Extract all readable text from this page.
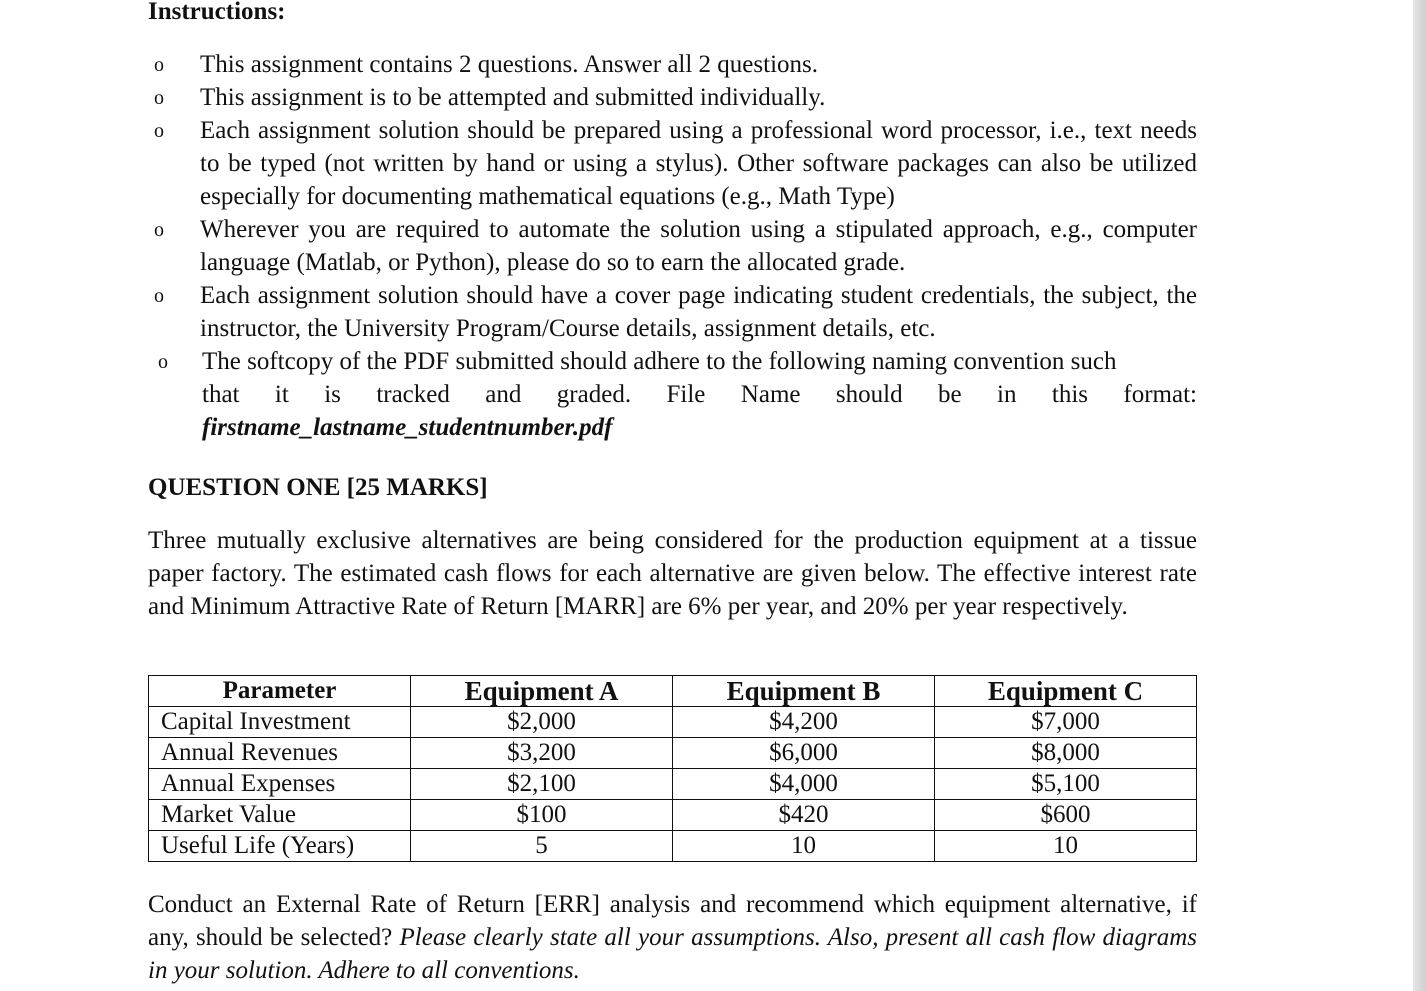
Instructions:
o This assignment contains 2 questions. Answer all 2 questions.
o This assignment is to be attempted and submitted individually.
o Each assignment solution should be prepared using a professional word processor, i.e., text needs to be typed (not written by hand or using a stylus). Other software packages can also be utilized especially for documenting mathematical equations (e.g., Math Type)
o Wherever you are required to automate the solution using a stipulated approach, e.g., computer language (Matlab, or Python), please do so to earn the allocated grade.
o Each assignment solution should have a cover page indicating student credentials, the subject, the instructor, the University Program/Course details, assignment details, etc.
o The softcopy of the PDF submitted should adhere to the following naming convention such
that it is tracked and graded. File Name should be in this format:
firstname_lastname_studentnumber.pdf
QUESTION ONE [25 MARKS]

Three mutually exclusive alternatives are being considered for the production equipment at a tissue paper factory. The estimated cash flows for each alternative are given below. The effective interest rate and Minimum Attractive Rate of Return [MARR] are 6% per year, and 20% per year respectively.

Parameter	Equipment A	Equipment B	Equipment C
Capital Investment	$2,000	$4,200	$7,000
Annual Revenues	$3,200	$6,000	$8,000
Annual Expenses	$2,100	$4,000	$5,100
Market Value	$100	$420	$600
Useful Life (Years)	5	10	10

Conduct an External Rate of Return [ERR] analysis and recommend which equipment alternative, if any, should be selected? Please clearly state all your assumptions. Also, present all cash flow diagrams in your solution. Adhere to all conventions.
